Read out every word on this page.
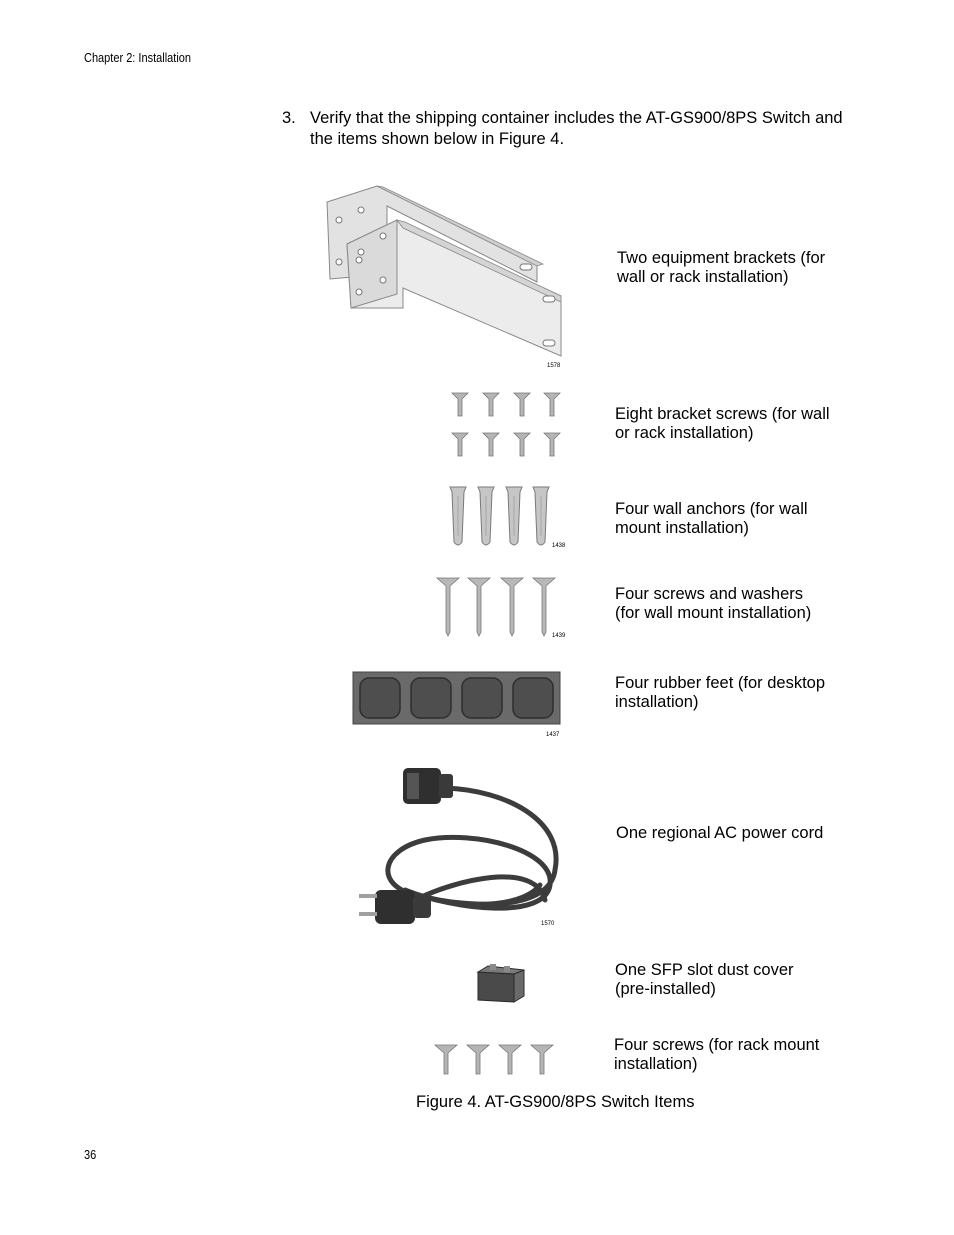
Chapter 2: Installation
3. Verify that the shipping container includes the AT-GS900/8PS Switch and the items shown below in Figure 4.
1578
Two equipment brackets (for wall or rack installation)
Eight bracket screws (for wall or rack installation)
1438
Four wall anchors (for wall mount installation)
1439
Four screws and washers (for wall mount installation)
1437
Four rubber feet (for desktop installation)
1570
One regional AC power cord
One SFP slot dust cover (pre-installed)
Four screws (for rack mount installation)
Figure 4. AT-GS900/8PS Switch Items
36
